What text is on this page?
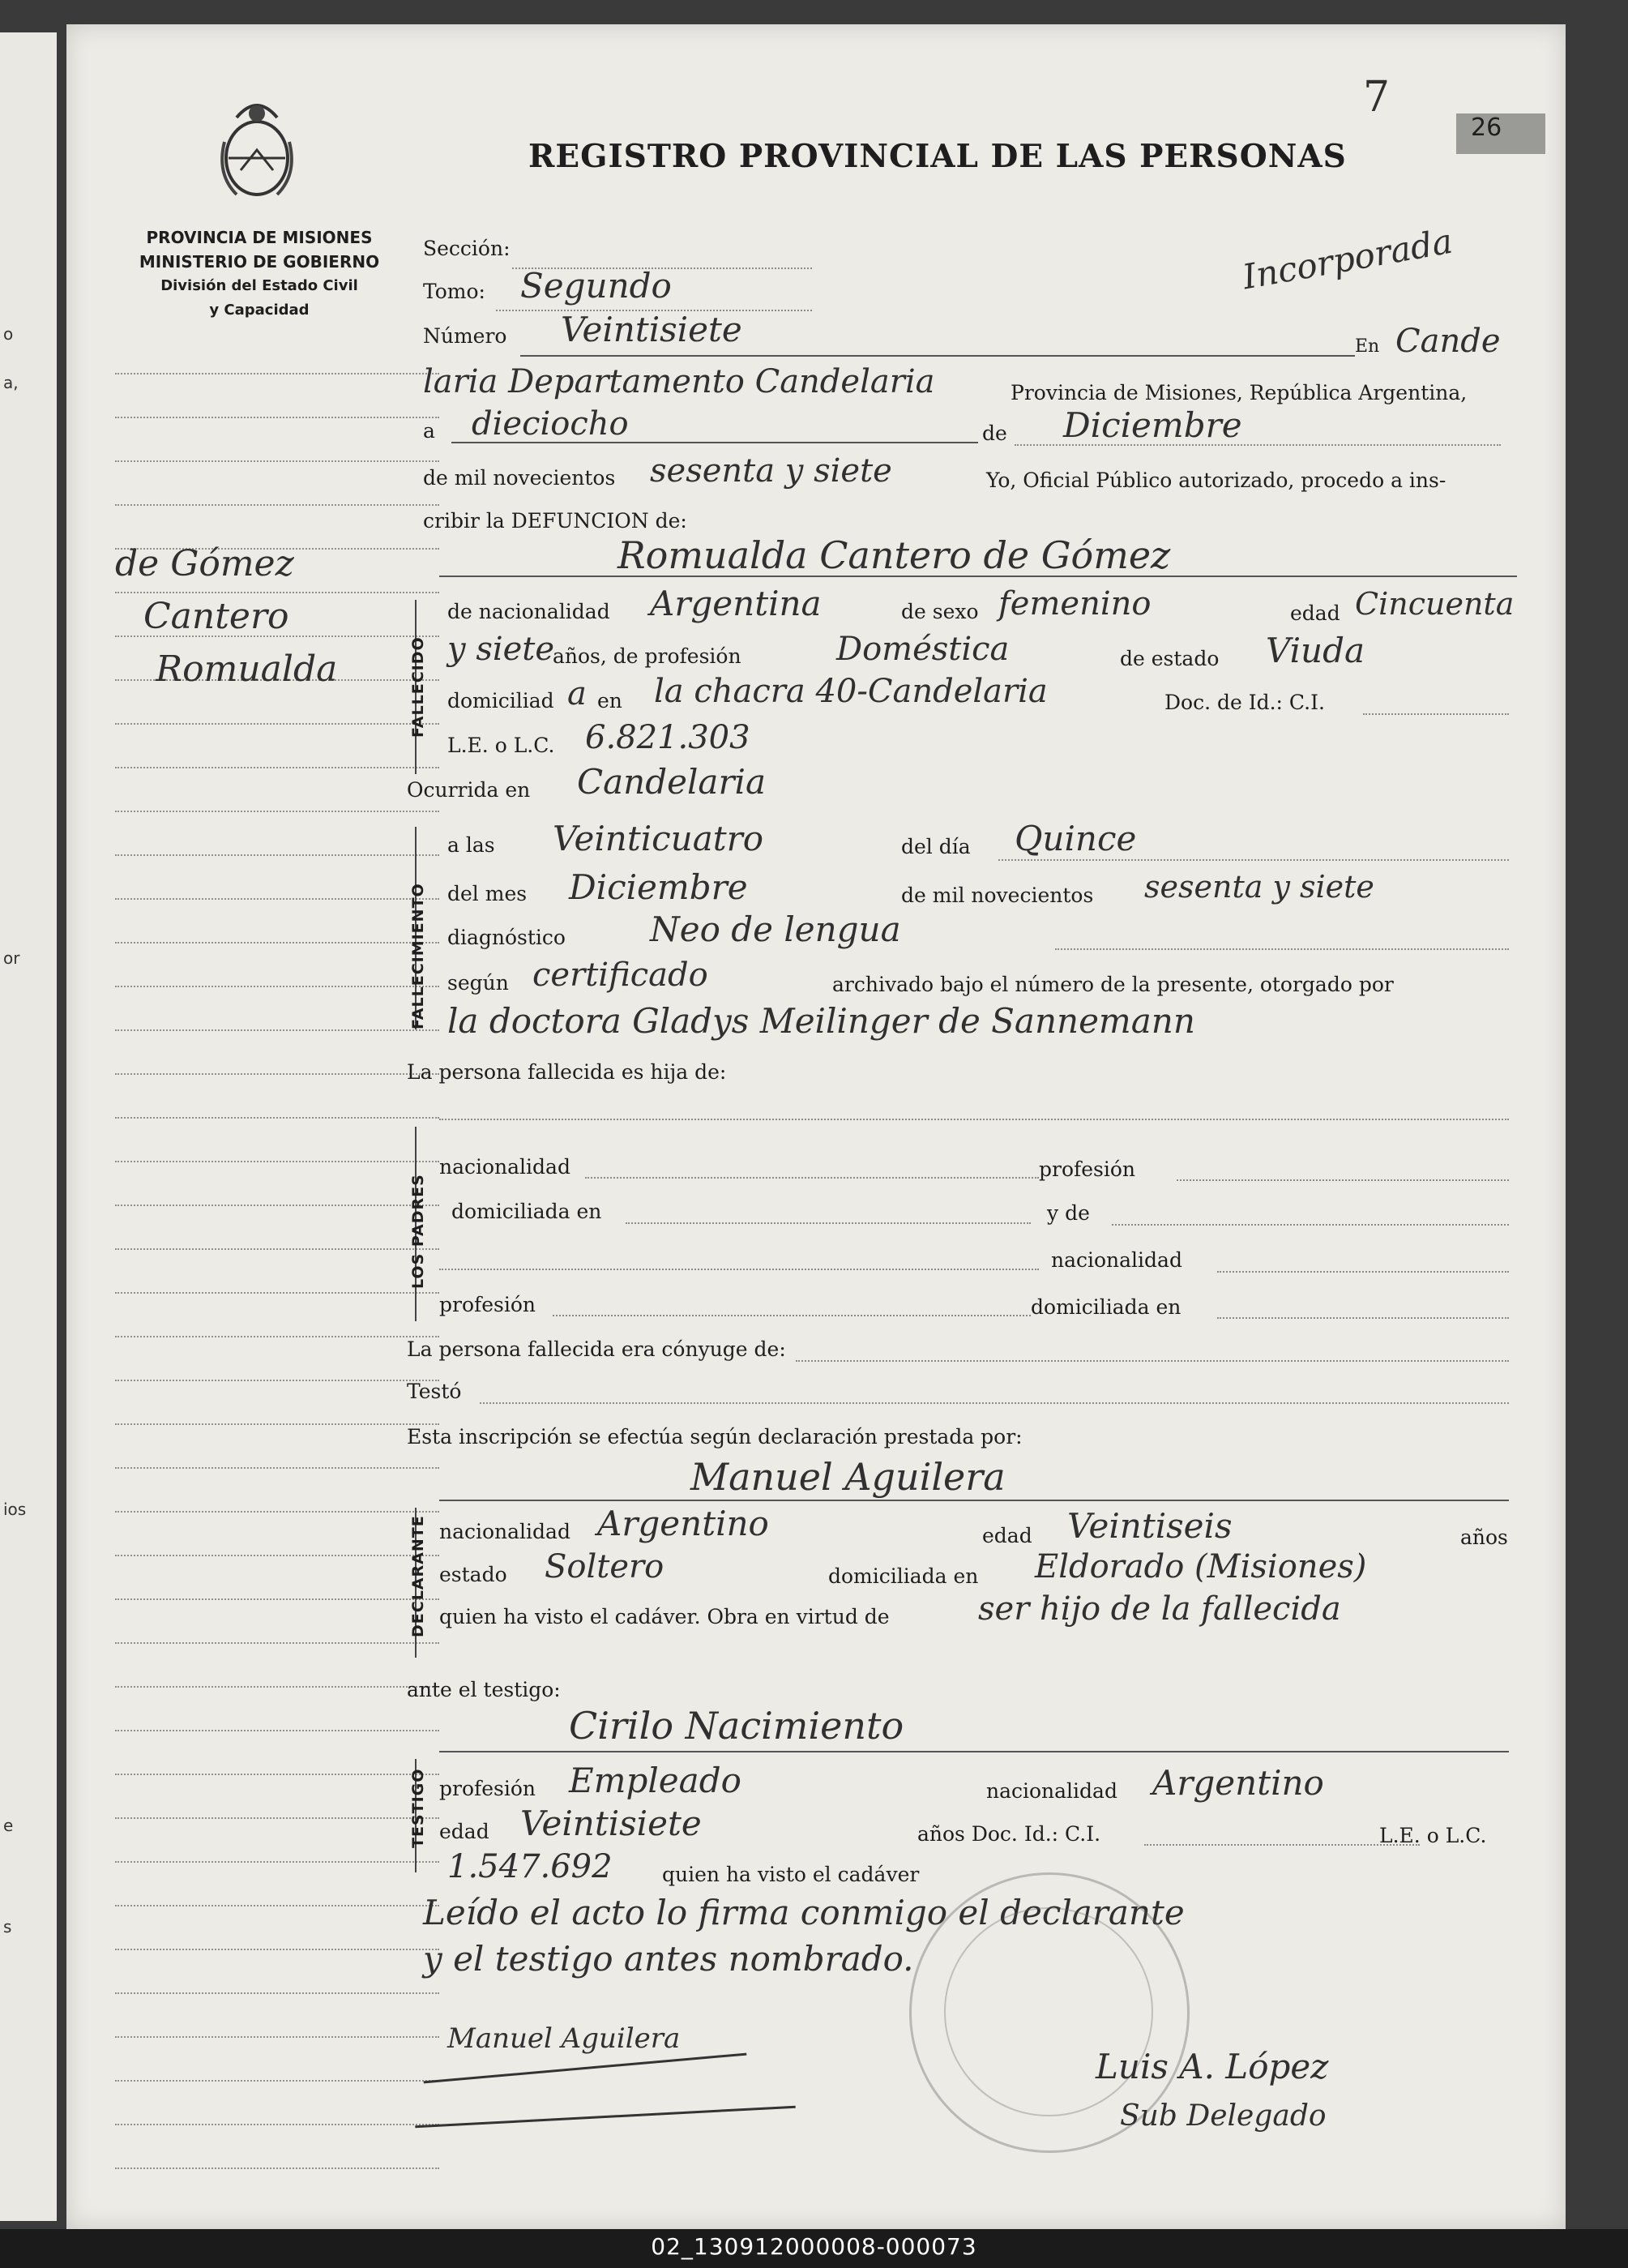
o
a,
or
ios
e
s
7
26
PROVINCIA DE MISIONES
MINISTERIO DE GOBIERNO
División del Estado Civil
y Capacidad
REGISTRO PROVINCIAL DE LAS PERSONAS
Incorporada
de Gómez
Cantero
Romualda
Sección:
Tomo: Segundo
Número Veintisiete	En Cande
laria Departamento Candelaria	Provincia de Misiones, República Argentina,
a dieciocho	de Diciembre
de mil novecientos sesenta y siete	Yo, Oficial Público autorizado, procedo a ins-
cribir la DEFUNCION de:
FALLECIDO
Romualda Cantero de Gómez
de nacionalidad Argentina	de sexo femenino	edad Cincuenta
y siete
años, de profesión	Doméstica	de estado Viuda
domiciliad a en la chacra 40-Candelaria	Doc. de Id.: C.I.
L.E. o L.C. 6.821.303
Ocurrida en Candelaria
FALLECIMIENTO
a las Veinticuatro	del día Quince
del mes Diciembre	de mil novecientos sesenta y siete
diagnóstico Neo de lengua
según certificado	archivado bajo el número de la presente, otorgado por
la doctora Gladys Meilinger de Sannemann
La persona fallecida es hija de:
LOS PADRES
nacionalidad	profesión
domiciliada en	y de
nacionalidad
profesión	domiciliada en
La persona fallecida era cónyuge de:
Testó
Esta inscripción se efectúa según declaración prestada por:
DECLARANTE
Manuel Aguilera
nacionalidad Argentino	edad Veintiseis	años
estado Soltero	domiciliada en Eldorado (Misiones)
quien ha visto el cadáver. Obra en virtud de	ser hijo de la fallecida
ante el testigo:
TESTIGO
Cirilo Nacimiento
profesión Empleado	nacionalidad Argentino
edad Veintisiete	años Doc. Id.: C.I.	L.E. o L.C.
1.547.692 quien ha visto el cadáver
Leído el acto lo firma conmigo el declarante
y el testigo antes nombrado.
Manuel Aguilera
Luis A. López
Sub Delegado
02_130912000008-000073
